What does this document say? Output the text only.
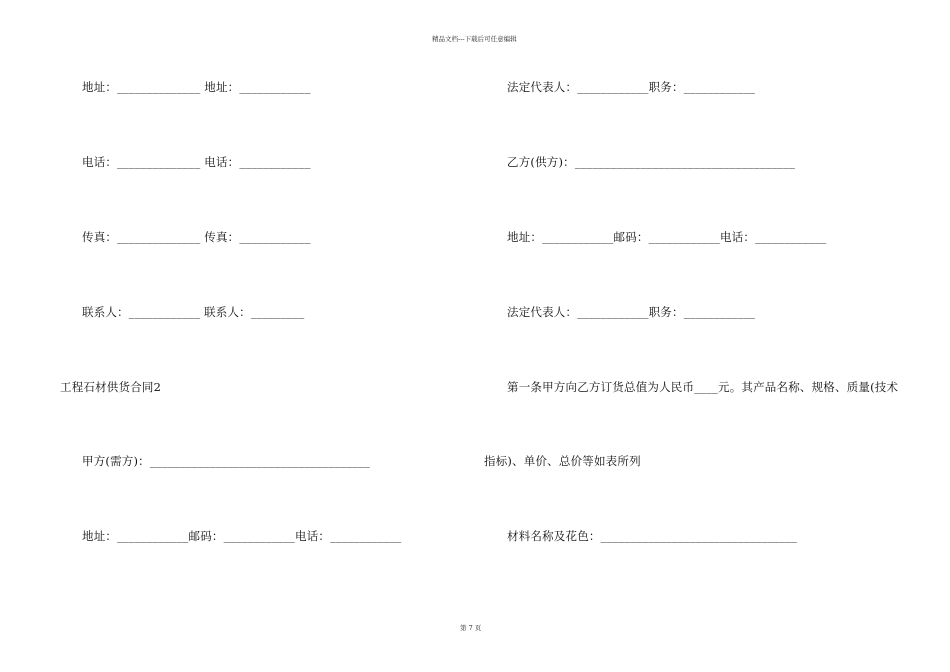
精品文档---下载后可任意编辑
地址：______________ 地址：____________
电话：______________ 电话：____________
传真：______________ 传真：____________
联系人：____________ 联系人：_________
工程石材供货合同2
甲方(需方)：_____________________________________
地址：____________邮码：____________电话：____________
法定代表人：____________职务：____________
乙方(供方)：_____________________________________
地址：____________邮码：____________电话：____________
法定代表人：____________职务：____________
第一条甲方向乙方订货总值为人民币____元。其产品名称、规格、质量(技术
指标)、单价、总价等如表所列
材料名称及花色：_________________________________
第 7 页
